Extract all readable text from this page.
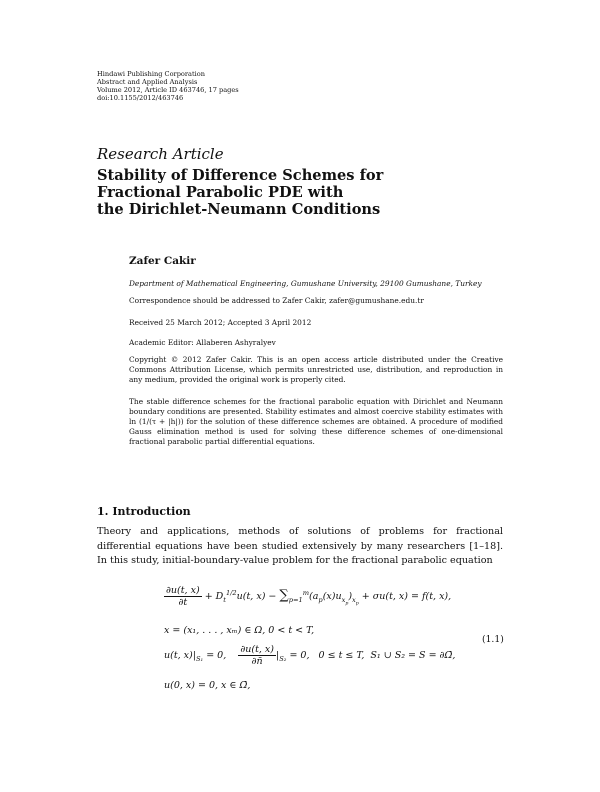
Hindawi Publishing Corporation
Abstract and Applied Analysis
Volume 2012, Article ID 463746, 17 pages
doi:10.1155/2012/463746
Research Article
Stability of Difference Schemes for
Fractional Parabolic PDE with
the Dirichlet-Neumann Conditions
Zafer Cakir
Department of Mathematical Engineering, Gumushane University, 29100 Gumushane, Turkey
Correspondence should be addressed to Zafer Cakir, zafer@gumushane.edu.tr
Received 25 March 2012; Accepted 3 April 2012
Academic Editor: Allaberen Ashyralyev
Copyright © 2012 Zafer Cakir. This is an open access article distributed under the Creative Commons Attribution License, which permits unrestricted use, distribution, and reproduction in any medium, provided the original work is properly cited.
The stable difference schemes for the fractional parabolic equation with Dirichlet and Neumann boundary conditions are presented. Stability estimates and almost coercive stability estimates with ln (1/(τ + |h|)) for the solution of these difference schemes are obtained. A procedure of modified Gauss elimination method is used for solving these difference schemes of one-dimensional fractional parabolic partial differential equations.
1. Introduction
Theory and applications, methods of solutions of problems for fractional differential equations have been studied extensively by many researchers [1–18]. In this study, initial-boundary-value problem for the fractional parabolic equation
$\frac{\partial u(t, x)}{\partial t} + D_t^{1/2}u(t$, $x) - \sum_{p=1}^m(a_p(x)u_{x_p})_{x_p} + \sigma u(t$, x) = f(t, x),
x = (x₁, . . . , xₘ) ∈ Ω, 0 < t < T,
u(t, $x)|_{S_1} = 0$, $\frac{\partial u(t, x)}{\partial n̄} |_{S_2} = 0$,   0 ≤ t ≤ T,  S₁ ∪ S₂ = S = ∂Ω̄,
u(0, x) = 0, x ∈ Ω̄,
(1.1)
